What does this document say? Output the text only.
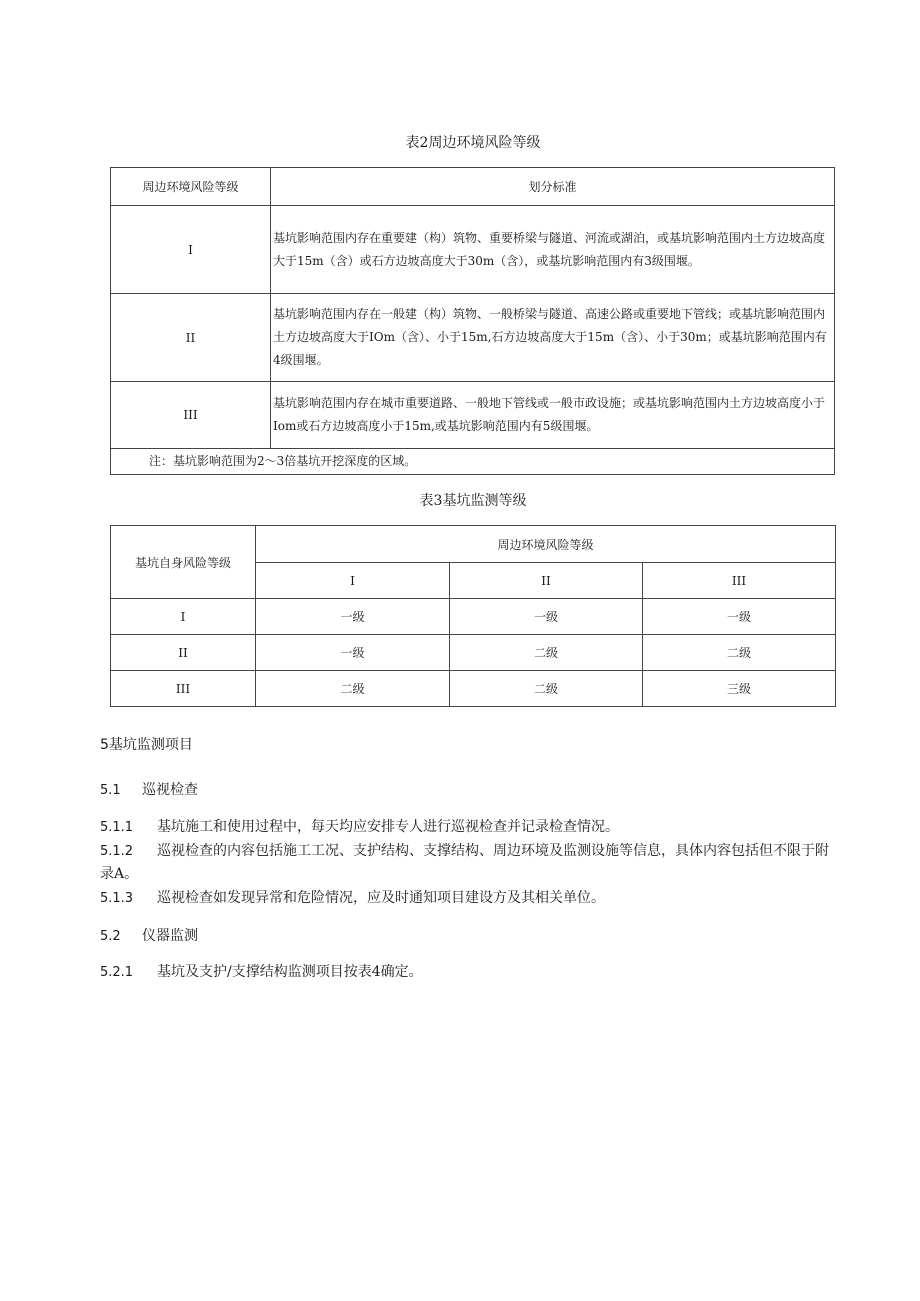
表2周边环境风险等级
周边环境风险等级	划分标准
I	基坑影响范围内存在重要建（构）筑物、重要桥梁与隧道、河流或湖泊，或基坑影响范围内土方边坡高度大于15m（含）或石方边坡高度大于30m（含），或基坑影响范围内有3级围堰。
II	基坑影响范围内存在一般建（构）筑物、一般桥梁与隧道、高速公路或重要地下管线；或基坑影响范围内土方边坡高度大于IOm（含）、小于15m,石方边坡高度大于15m（含）、小于30m；或基坑影响范围内有4级围堰。
III	基坑影响范围内存在城市重要道路、一般地下管线或一般市政设施；或基坑影响范围内土方边坡高度小于Iom或石方边坡高度小于15m,或基坑影响范围内有5级围堰。
注：基坑影响范围为2～3倍基坑开挖深度的区域。	
表3基坑监测等级
基坑自身风险等级	周边环境风险等级		
	I	II	III
I	一级	一级	一级
II	一级	二级	二级
III	二级	二级	三级
5基坑监测项目
5.1 巡视检查
5.1.1 基坑施工和使用过程中，每天均应安排专人进行巡视检查并记录检查情况。
5.1.2 巡视检查的内容包括施工工况、支护结构、支撑结构、周边环境及监测设施等信息，具体内容包括但不限于附录A。
5.1.3 巡视检查如发现异常和危险情况，应及时通知项目建设方及其相关单位。
5.2 仪器监测
5.2.1 基坑及支护/支撑结构监测项目按表4确定。
